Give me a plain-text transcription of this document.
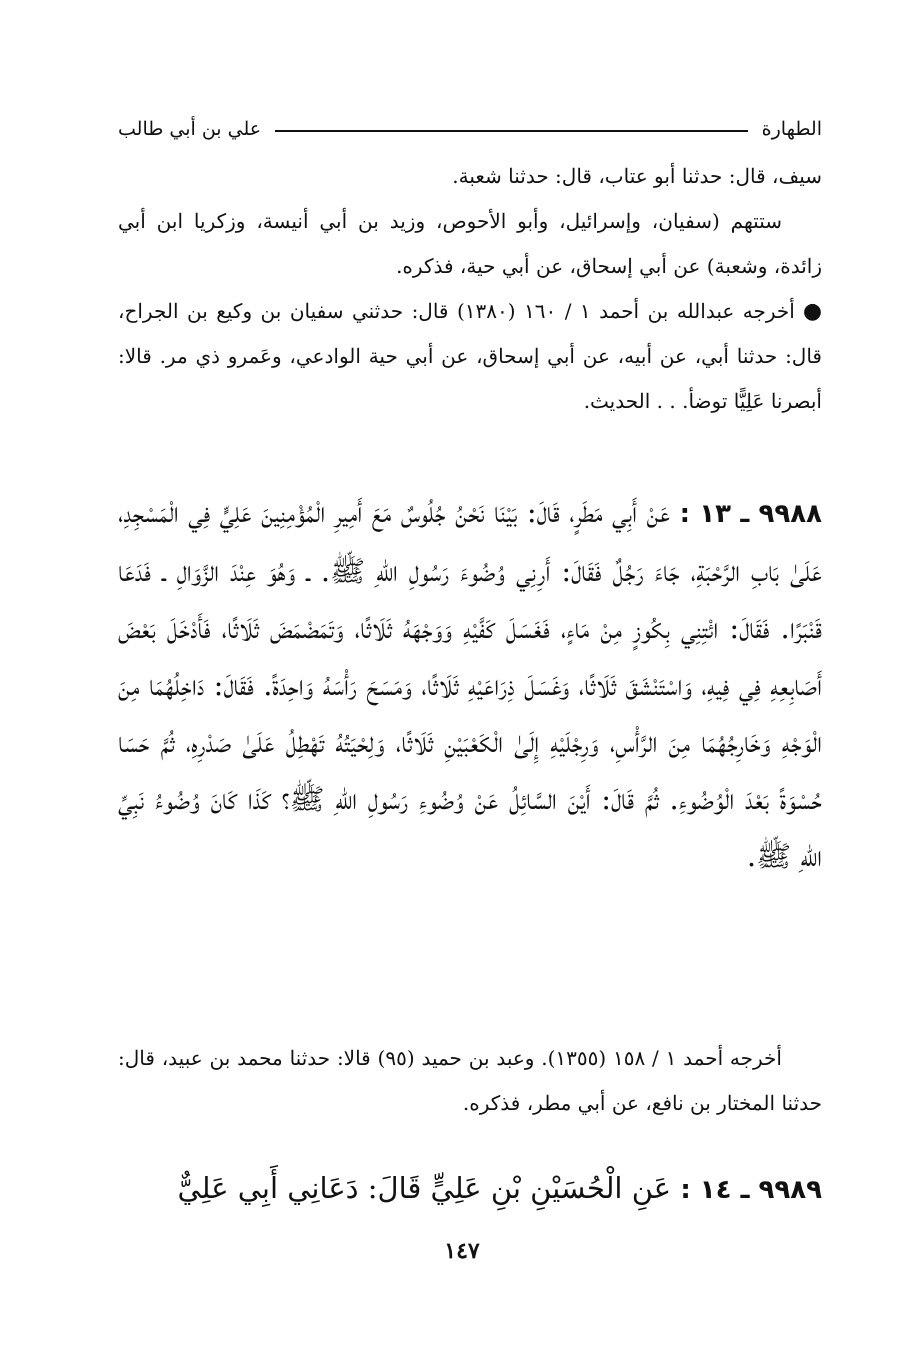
الطهارة
علي بن أبي طالب

سيف، قال: حدثنا أبو عتاب، قال: حدثنا شعبة.

ستتهم (سفيان، وإسرائيل، وأبو الأحوص، وزيد بن أبي أنيسة، وزكريا ابن أبي زائدة، وشعبة) عن أبي إسحاق، عن أبي حية، فذكره.

●أخرجه عبدالله بن أحمد ١ / ١٦٠ (١٣٨٠) قال: حدثني سفيان بن وكيع بن الجراح، قال: حدثنا أبي، عن أبيه، عن أبي إسحاق، عن أبي حية الوادعي، وعَمرو ذي مر. قالا: أبصرنا عَلِيًّا توضأ. . . الحديث.

٩٩٨٨ ـ ١٣ : عَنْ أَبِي مَطَرٍ، قَالَ: بَيْنَا نَحْنُ جُلُوسٌ مَعَ أَمِيرِ الْمُؤْمِنِينَ عَلِيٍّ فِي الْمَسْجِدِ، عَلَىٰ بَابِ الرَّحْبَةِ، جَاءَ رَجُلٌ فَقَالَ: أَرِنِي وُضُوءَ رَسُولِ اللهِ ﷺ. ـ وَهُوَ عِنْدَ الزَّوَالِ ـ فَدَعَا قَنْبَرًا. فَقَالَ: ائْتِنِي بِكُوزٍ مِنْ مَاءٍ، فَغَسَلَ كَفَّيْهِ وَوَجْهَهُ ثَلَاثًا، وَتَمَضْمَضَ ثَلَاثًا، فَأَدْخَلَ بَعْضَ أَصَابِعِهِ فِي فِيهِ، وَاسْتَنْشَقَ ثَلَاثًا، وَغَسَلَ ذِرَاعَيْهِ ثَلَاثًا، وَمَسَحَ رَأْسَهُ وَاحِدَةً. فَقَالَ: دَاخِلُهُمَا مِنَ الْوَجْهِ وَخَارِجُهُمَا مِنَ الرَّأْسِ، وَرِجْلَيْهِ إِلَىٰ الْكَعْبَيْنِ ثَلَاثًا، وَلِحْيَتُهُ تَهْطِلُ عَلَىٰ صَدْرِهِ، ثُمَّ حَسَا حُسْوَةً بَعْدَ الْوُضُوءِ. ثُمَّ قَالَ: أَيْنَ السَّائِلُ عَنْ وُضُوءِ رَسُولِ اللهِ ﷺ؟ كَذَا كَانَ وُضُوءُ نَبِيِّ اللهِ ﷺ.

أخرجه أحمد ١ / ١٥٨ (١٣٥٥). وعبد بن حميد (٩٥) قالا: حدثنا محمد بن عبيد، قال: حدثنا المختار بن نافع، عن أبي مطر، فذكره.

٩٩٨٩ ـ ١٤ : عَنِ الْحُسَيْنِ بْنِ عَلِيٍّ قَالَ: دَعَانِي أَبِي عَلِيٌّ

١٤٧
